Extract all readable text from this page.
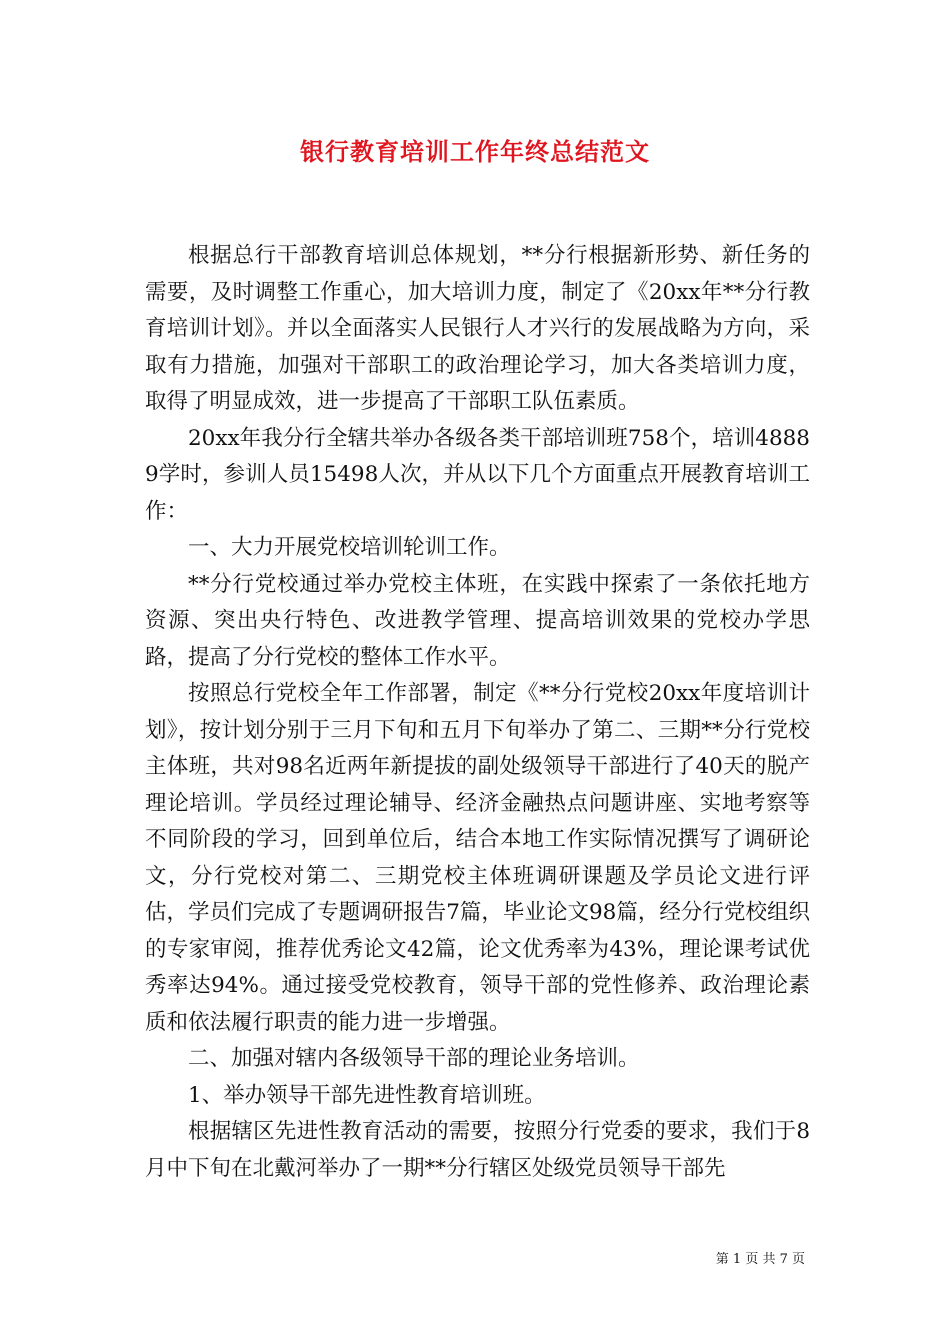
银行教育培训工作年终总结范文

根据总行干部教育培训总体规划，**分行根据新形势、新任务的需要，及时调整工作重心，加大培训力度，制定了《20xx年**分行教育培训计划》。并以全面落实人民银行人才兴行的发展战略为方向，采取有力措施，加强对干部职工的政治理论学习，加大各类培训力度，取得了明显成效，进一步提高了干部职工队伍素质。

20xx年我分行全辖共举办各级各类干部培训班758个，培训48889学时，参训人员15498人次，并从以下几个方面重点开展教育培训工作：

一、大力开展党校培训轮训工作。

**分行党校通过举办党校主体班，在实践中探索了一条依托地方资源、突出央行特色、改进教学管理、提高培训效果的党校办学思路，提高了分行党校的整体工作水平。

按照总行党校全年工作部署，制定《**分行党校20xx年度培训计划》，按计划分别于三月下旬和五月下旬举办了第二、三期**分行党校主体班，共对98名近两年新提拔的副处级领导干部进行了40天的脱产理论培训。学员经过理论辅导、经济金融热点问题讲座、实地考察等不同阶段的学习，回到单位后，结合本地工作实际情况撰写了调研论文，分行党校对第二、三期党校主体班调研课题及学员论文进行评估，学员们完成了专题调研报告7篇，毕业论文98篇，经分行党校组织的专家审阅，推荐优秀论文42篇，论文优秀率为43%，理论课考试优秀率达94%。通过接受党校教育，领导干部的党性修养、政治理论素质和依法履行职责的能力进一步增强。

二、加强对辖内各级领导干部的理论业务培训。

1、举办领导干部先进性教育培训班。

根据辖区先进性教育活动的需要，按照分行党委的要求，我们于8月中下旬在北戴河举办了一期**分行辖区处级党员领导干部先

第 1 页 共 7 页
